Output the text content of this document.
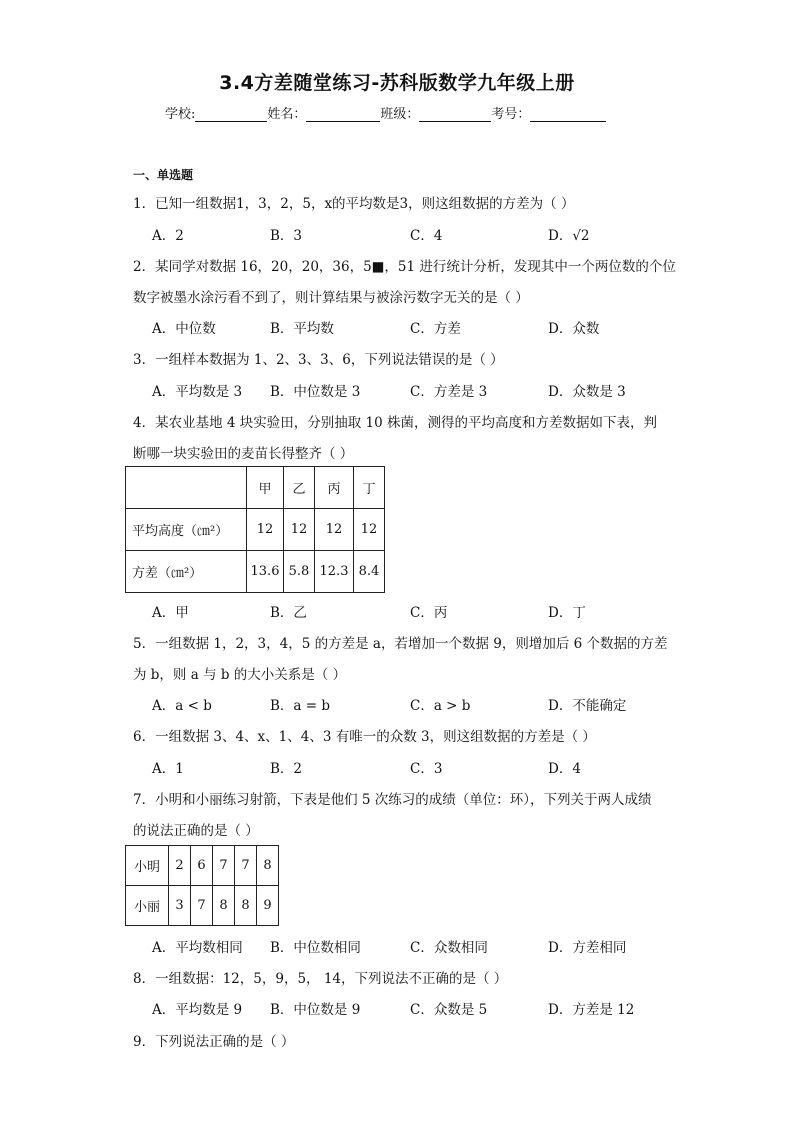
3.4方差随堂练习-苏科版数学九年级上册
学校:	姓名：	班级：	考号：
一、单选题
1．已知一组数据1，3，2，5，x的平均数是3，则这组数据的方差为（ ）
A．2	B．3	C．4	D．√2
2．某同学对数据 16，20，20，36，5■，51 进行统计分析，发现其中一个两位数的个位
数字被墨水涂污看不到了，则计算结果与被涂污数字无关的是（ ）
A．中位数	B．平均数	C．方差	D．众数
3．一组样本数据为 1、2、3、3、6，下列说法错误的是（ ）
A．平均数是 3 B．中位数是 3	C．方差是 3	D．众数是 3
4．某农业基地 4 块实验田，分别抽取 10 株菌，测得的平均高度和方差数据如下表，判
断哪一块实验田的麦苗长得整齐（ ）
	甲	乙	丙	丁
平均高度（㎝²）	12	12	12	12
方差（㎝²）	13.6	5.8	12.3	8.4
A．甲	B．乙	C．丙	D．丁
5．一组数据 1，2，3，4，5 的方差是 a，若增加一个数据 9，则增加后 6 个数据的方差
为 b，则 a 与 b 的大小关系是（ ）
A．a < b	B．a = b	C．a > b	D．不能确定
6．一组数据 3、4、x、1、4、3 有唯一的众数 3，则这组数据的方差是（ ）
A．1	B．2	C．3	D．4
7．小明和小丽练习射箭，下表是他们 5 次练习的成绩（单位：环），下列关于两人成绩
的说法正确的是（ ）
小明	2	6	7	7	8
小丽	3	7	8	8	9
A．平均数相同 B．中位数相同	C．众数相同	D．方差相同
8．一组数据：12，5，9，5， 14，下列说法不正确的是（ ）
A．平均数是 9 B．中位数是 9	C．众数是 5	D．方差是 12
9．下列说法正确的是（ ）
